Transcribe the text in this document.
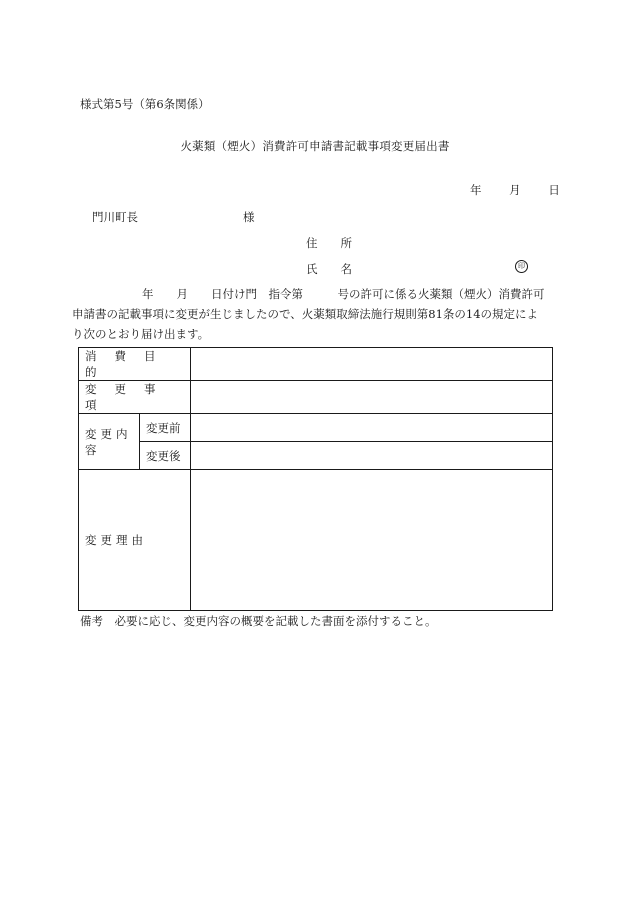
様式第5号（第6条関係）
火薬類（煙火）消費許可申請書記載事項変更届出書
年 月 日
門川町長	様
住　　所
氏　　名	印
年　　月　　日付け門　指令第　　　号の許可に係る火薬類（煙火）消費許可
申請書の記載事項に変更が生じましたので、火薬類取締法施行規則第81条の14の規定によ
り次のとおり届け出ます。
消費目的		
変更事項		
変更内容	変更前	
	変更後	
変更理由		
備考　必要に応じ、変更内容の概要を記載した書面を添付すること。
